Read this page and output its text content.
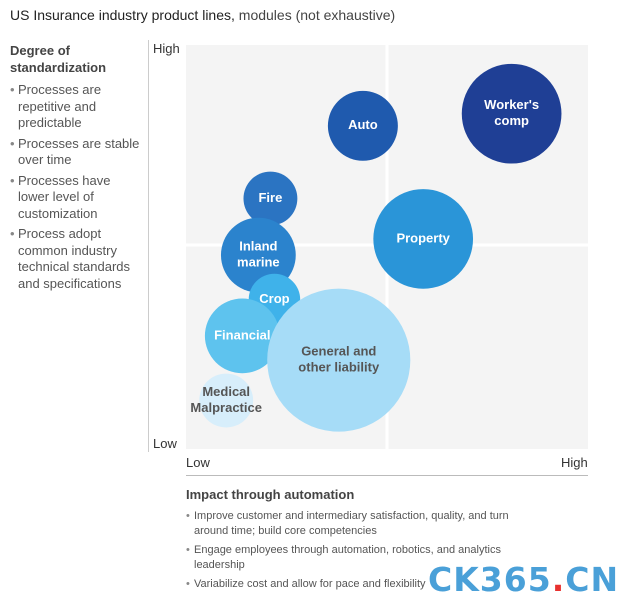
US Insurance industry product lines, modules (not exhaustive)
Degree of
standardization
• Processes are repetitive and predictable
• Processes are stable over time
• Processes have lower level of customization
• Process adopt common industry technical standards and specifications
High
Low
Worker's
comp
Auto
Property
Fire
Inland
marine
Crop
Financial
General and
other liability
Medical
Malpractice
Low	High
Impact through automation
• Improve customer and intermediary satisfaction, quality, and turn around time; build core competencies
• Engage employees through automation, robotics, and analytics leadership
• Variabilize cost and allow for pace and flexibility CK365.CN
